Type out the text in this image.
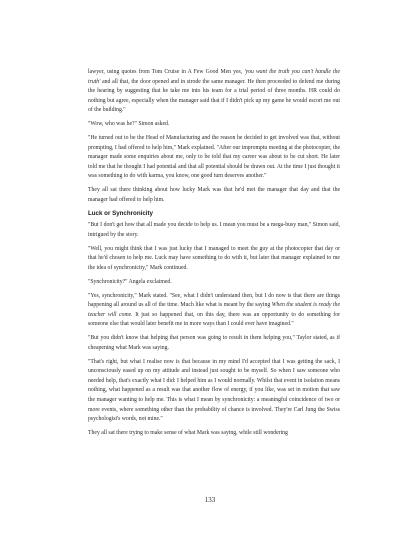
lawyer, using quotes from Tom Cruise in A Few Good Men yes, 'you want the truth you can't handle the truth' and all that, the door opened and in strode the same manager. He then proceeded to defend me during the hearing by suggesting that he take me into his team for a trial period of three months. HR could do nothing but agree, especially when the manager said that if I didn't pick up my game he would escort me out of the building."

"Wow, who was he?" Simon asked.

"He turned out to be the Head of Manufacturing and the reason he decided to get involved was that, without prompting, I had offered to help him," Mark explained. "After our impromptu meeting at the photocopier, the manager made some enquiries about me, only to be told that my career was about to be cut short. He later told me that he thought I had potential and that all potential should be drawn out. At the time I just thought it was something to do with karma, you know, one good turn deserves another."

They all sat there thinking about how lucky Mark was that he'd met the manager that day and that the manager had offered to help him.

Luck or Synchronicity

"But I don't get how that all made you decide to help us. I mean you must be a mega-busy man," Simon said, intrigued by the story.

"Well, you might think that I was just lucky that I managed to meet the guy at the photocopier that day or that he'd chosen to help me. Luck may have something to do with it, but later that manager explained to me the idea of synchronicity," Mark continued.

"Synchronicity?" Angela exclaimed.

"Yes, synchronicity," Mark stated. "See, what I didn't understand then, but I do now is that there are things happening all around us all of the time. Much like what is meant by the saying When the student is ready the teacher will come. It just so happened that, on this day, there was an opportunity to do something for someone else that would later benefit me in more ways than I could ever have imagined."

"But you didn't know that helping that person was going to result in them helping you," Taylor stated, as if cheapening what Mark was saying.

"That's right, but what I realise now is that because in my mind I'd accepted that I was getting the sack, I unconsciously eased up on my attitude and instead just sought to be myself. So when I saw someone who needed help, that's exactly what I did: I helped him as I would normally. Whilst that event in isolation means nothing, what happened as a result was that another flow of energy, if you like, was set in motion that saw the manager wanting to help me. This is what I mean by synchronicity: a meaningful coincidence of two or more events, where something other than the probability of chance is involved. They're Carl Jung the Swiss psychologist's words, not mine."

They all sat there trying to make sense of what Mark was saying, while still wondering

133
